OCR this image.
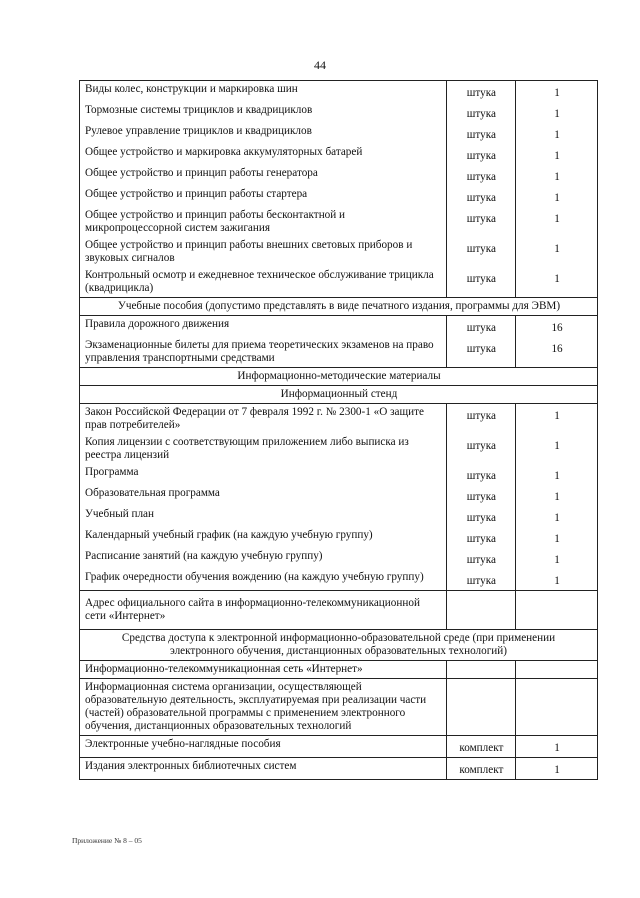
44
Виды колес, конструкции и маркировка шин	штука	1
Тормозные системы трициклов и квадрициклов	штука	1
Рулевое управление трициклов и квадрициклов	штука	1
Общее устройство и маркировка аккумуляторных батарей	штука	1
Общее устройство и принцип работы генератора	штука	1
Общее устройство и принцип работы стартера	штука	1
Общее устройство и принцип работы бесконтактной и микропроцессорной систем зажигания	штука	1
Общее устройство и принцип работы внешних световых приборов и звуковых сигналов	штука	1
Контрольный осмотр и ежедневное техническое обслуживание трицикла (квадрицикла)	штука	1
Учебные пособия (допустимо представлять в виде печатного издания, программы для ЭВМ)		
Правила дорожного движения	штука	16
Экзаменационные билеты для приема теоретических экзаменов на право управления транспортными средствами	штука	16
Информационно-методические материалы		
Информационный стенд		
Закон Российской Федерации от 7 февраля 1992 г. № 2300-1 «О защите прав потребителей»	штука	1
Копия лицензии с соответствующим приложением либо выписка из реестра лицензий	штука	1
Программа	штука	1
Образовательная программа	штука	1
Учебный план	штука	1
Календарный учебный график (на каждую учебную группу)	штука	1
Расписание занятий (на каждую учебную группу)	штука	1
График очередности обучения вождению (на каждую учебную группу)	штука	1
Адрес официального сайта в информационно-телекоммуникационной сети «Интернет»		
Средства доступа к электронной информационно-образовательной среде (при применении электронного обучения, дистанционных образовательных технологий)		
Информационно-телекоммуникационная сеть «Интернет»		
Информационная система организации, осуществляющей образовательную деятельность, эксплуатируемая при реализации части (частей) образовательной программы с применением электронного обучения, дистанционных образовательных технологий		
Электронные учебно-наглядные пособия	комплект	1
Издания электронных библиотечных систем	комплект	1
Приложение № 8 – 05
